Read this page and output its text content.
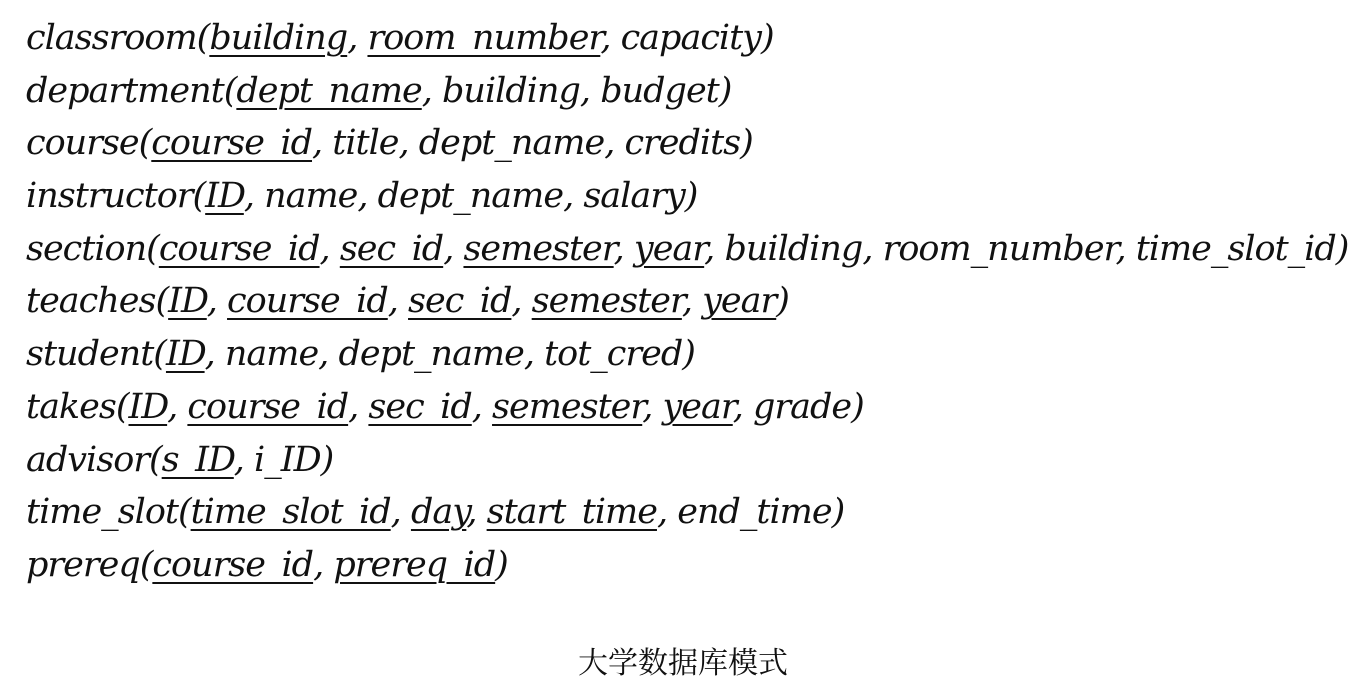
classroom(building, room_number, capacity)
department(dept_name, building, budget)
course(course_id, title, dept_name, credits)
instructor(ID, name, dept_name, salary)
section(course_id, sec_id, semester, year, building, room_number, time_slot_id)
teaches(ID, course_id, sec_id, semester, year)
student(ID, name, dept_name, tot_cred)
takes(ID, course_id, sec_id, semester, year, grade)
advisor(s_ID, i_ID)
time_slot(time_slot_id, day, start_time, end_time)
prereq(course_id, prereq_id)
大学数据库模式
